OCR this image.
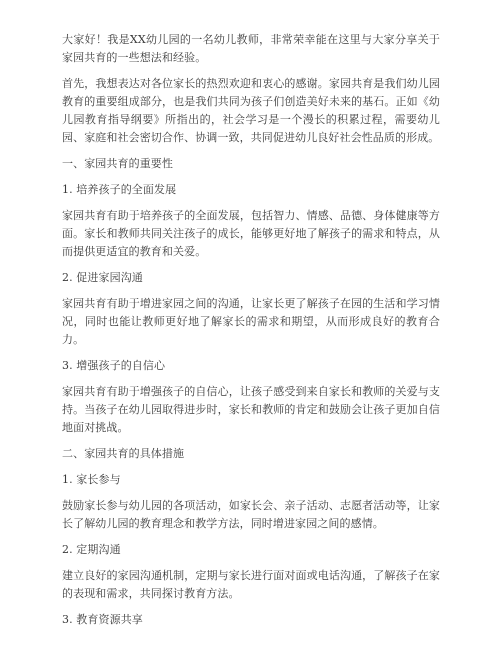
大家好！我是XX幼儿园的一名幼儿教师，非常荣幸能在这里与大家分享关于家园共育的一些想法和经验。
首先，我想表达对各位家长的热烈欢迎和衷心的感谢。家园共育是我们幼儿园教育的重要组成部分，也是我们共同为孩子们创造美好未来的基石。正如《幼儿园教育指导纲要》所指出的，社会学习是一个漫长的积累过程，需要幼儿园、家庭和社会密切合作、协调一致，共同促进幼儿良好社会性品质的形成。
一、家园共育的重要性
1. 培养孩子的全面发展
家园共育有助于培养孩子的全面发展，包括智力、情感、品德、身体健康等方面。家长和教师共同关注孩子的成长，能够更好地了解孩子的需求和特点，从而提供更适宜的教育和关爱。
2. 促进家园沟通
家园共育有助于增进家园之间的沟通，让家长更了解孩子在园的生活和学习情况，同时也能让教师更好地了解家长的需求和期望，从而形成良好的教育合力。
3. 增强孩子的自信心
家园共育有助于增强孩子的自信心，让孩子感受到来自家长和教师的关爱与支持。当孩子在幼儿园取得进步时，家长和教师的肯定和鼓励会让孩子更加自信地面对挑战。
二、家园共育的具体措施
1. 家长参与
鼓励家长参与幼儿园的各项活动，如家长会、亲子活动、志愿者活动等，让家长了解幼儿园的教育理念和教学方法，同时增进家园之间的感情。
2. 定期沟通
建立良好的家园沟通机制，定期与家长进行面对面或电话沟通，了解孩子在家的表现和需求，共同探讨教育方法。
3. 教育资源共享
